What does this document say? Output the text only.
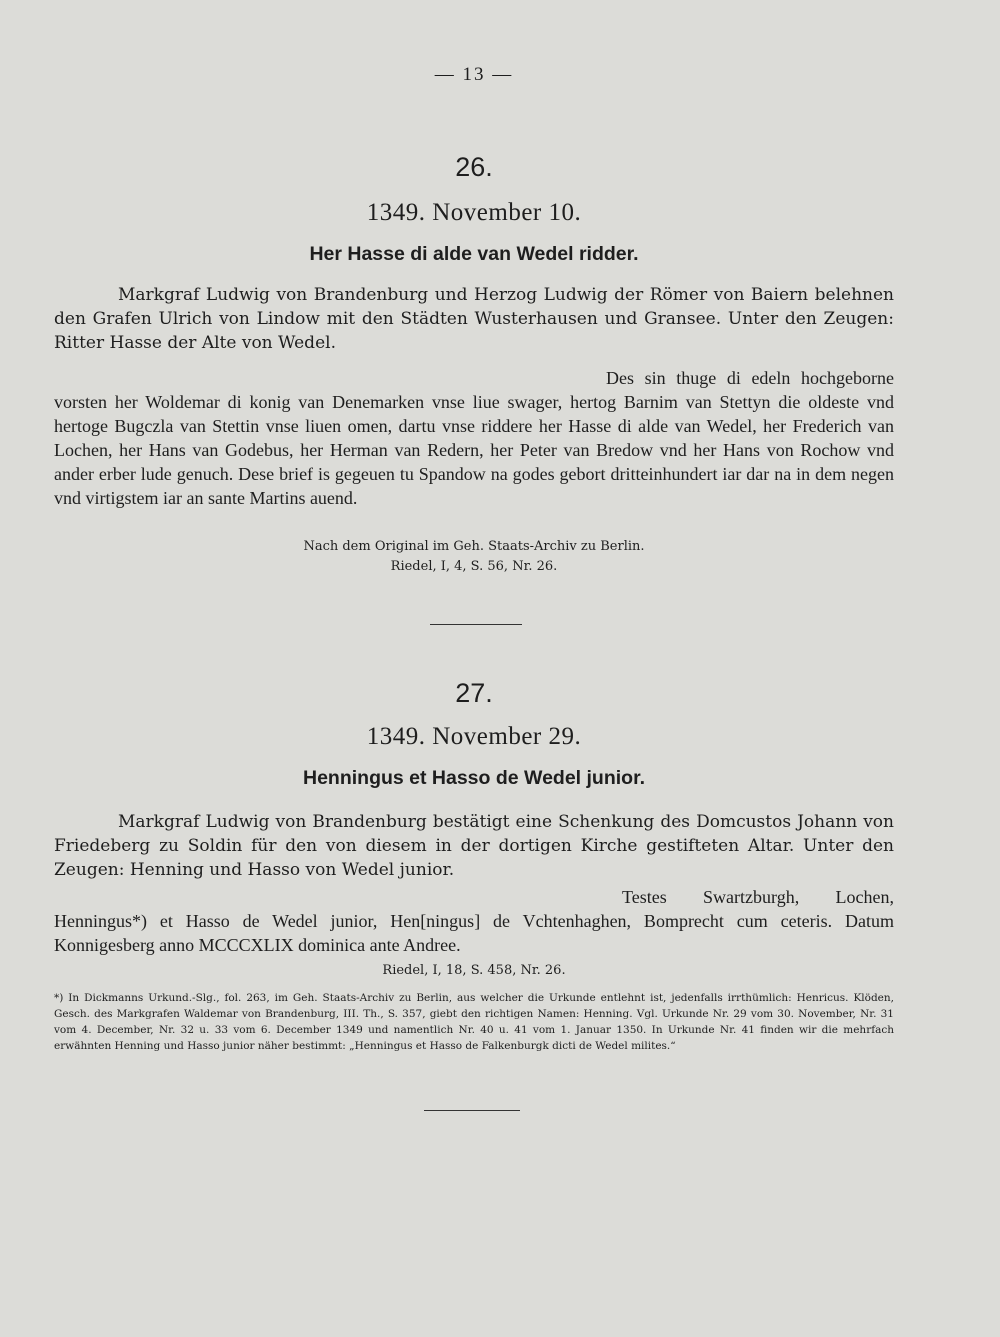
— 13 —
26.
1349. November 10.
Her Hasse di alde van Wedel ridder.
Markgraf Ludwig von Brandenburg und Herzog Ludwig der Römer von Baiern belehnen den Grafen Ulrich von Lindow mit den Städten Wusterhausen und Gransee. Unter den Zeugen: Ritter Hasse der Alte von Wedel.
Des sin thuge di edeln hochgeborne vorsten her Woldemar di konig van Denemarken vnse liue swager, hertog Barnim van Stettyn die oldeste vnd hertoge Bugczla van Stettin vnse liuen omen, dartu vnse riddere her Hasse di alde van Wedel, her Frederich van Lochen, her Hans van Godebus, her Herman van Redern, her Peter van Bredow vnd her Hans von Rochow vnd ander erber lude genuch. Dese brief is gegeuen tu Spandow na godes gebort dritteinhundert iar dar na in dem negen vnd virtigstem iar an sante Martins auend.
Nach dem Original im Geh. Staats-Archiv zu Berlin.
Riedel, I, 4, S. 56, Nr. 26.
27.
1349. November 29.
Henningus et Hasso de Wedel junior.
Markgraf Ludwig von Brandenburg bestätigt eine Schenkung des Domcustos Johann von Friedeberg zu Soldin für den von diesem in der dortigen Kirche gestifteten Altar. Unter den Zeugen: Henning und Hasso von Wedel junior.
Testes Swartzburgh, Lochen, Henningus*) et Hasso de Wedel junior, Hen[ningus] de Vchtenhaghen, Bomprecht cum ceteris. Datum Konnigesberg anno MCCCXLIX dominica ante Andree.
Riedel, I, 18, S. 458, Nr. 26.
*) In Dickmanns Urkund.-Slg., fol. 263, im Geh. Staats-Archiv zu Berlin, aus welcher die Urkunde entlehnt ist, jedenfalls irrthümlich: Henricus. Klöden, Gesch. des Markgrafen Waldemar von Brandenburg, III. Th., S. 357, giebt den richtigen Namen: Henning. Vgl. Urkunde Nr. 29 vom 30. November, Nr. 31 vom 4. December, Nr. 32 u. 33 vom 6. December 1349 und namentlich Nr. 40 u. 41 vom 1. Januar 1350. In Urkunde Nr. 41 finden wir die mehrfach erwähnten Henning und Hasso junior näher bestimmt: „Henningus et Hasso de Falkenburgk dicti de Wedel milites.“
